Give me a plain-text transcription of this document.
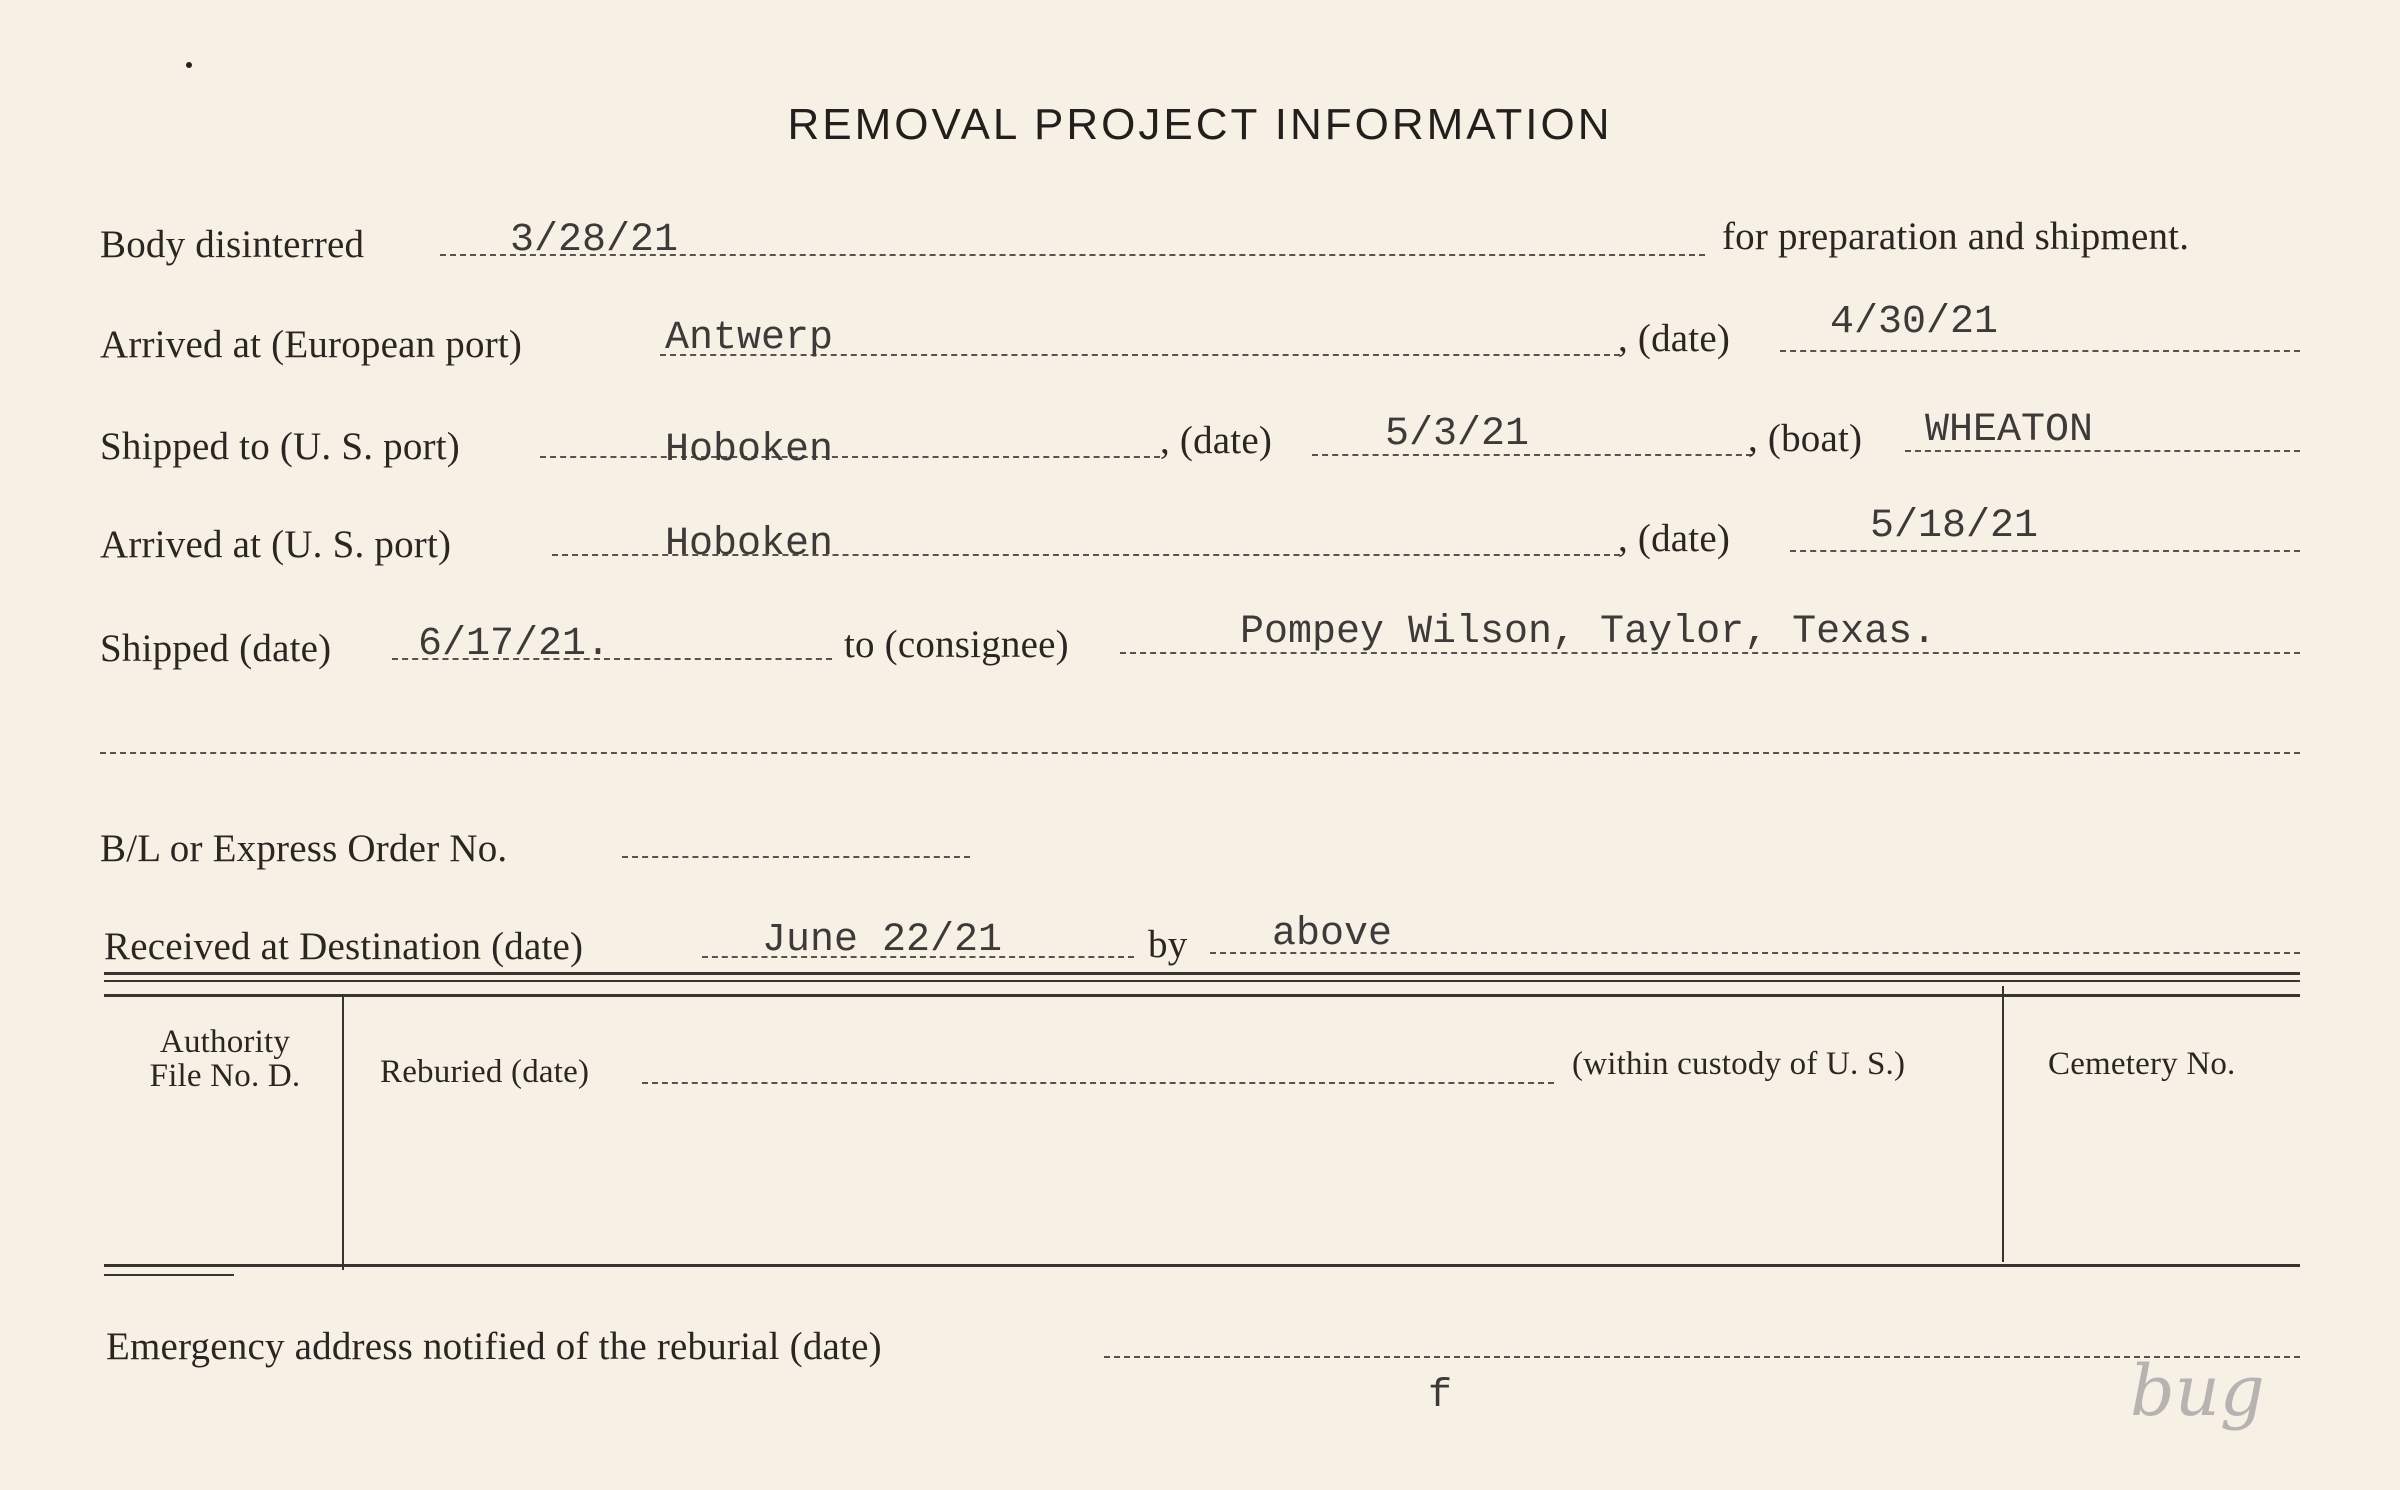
REMOVAL PROJECT INFORMATION
Body disinterred	3/28/21	for preparation and shipment.
Arrived at (European port)	Antwerp	, (date) 4/30/21
Shipped to (U. S. port)	Hoboken	, (date)	5/3/21	, (boat) WHEATON
Arrived at (U. S. port)	Hoboken	, (date)	5/18/21
Shipped (date) 6/17/21.	to (consignee)	Pompey Wilson, Taylor, Texas.
B/L or Express Order No.
Received at Destination (date)	June 22/21	by above
Authority
File No. D.	Reburied (date)	(within custody of U. S.)	Cemetery No.
Emergency address notified of the reburial (date)
f	bug
